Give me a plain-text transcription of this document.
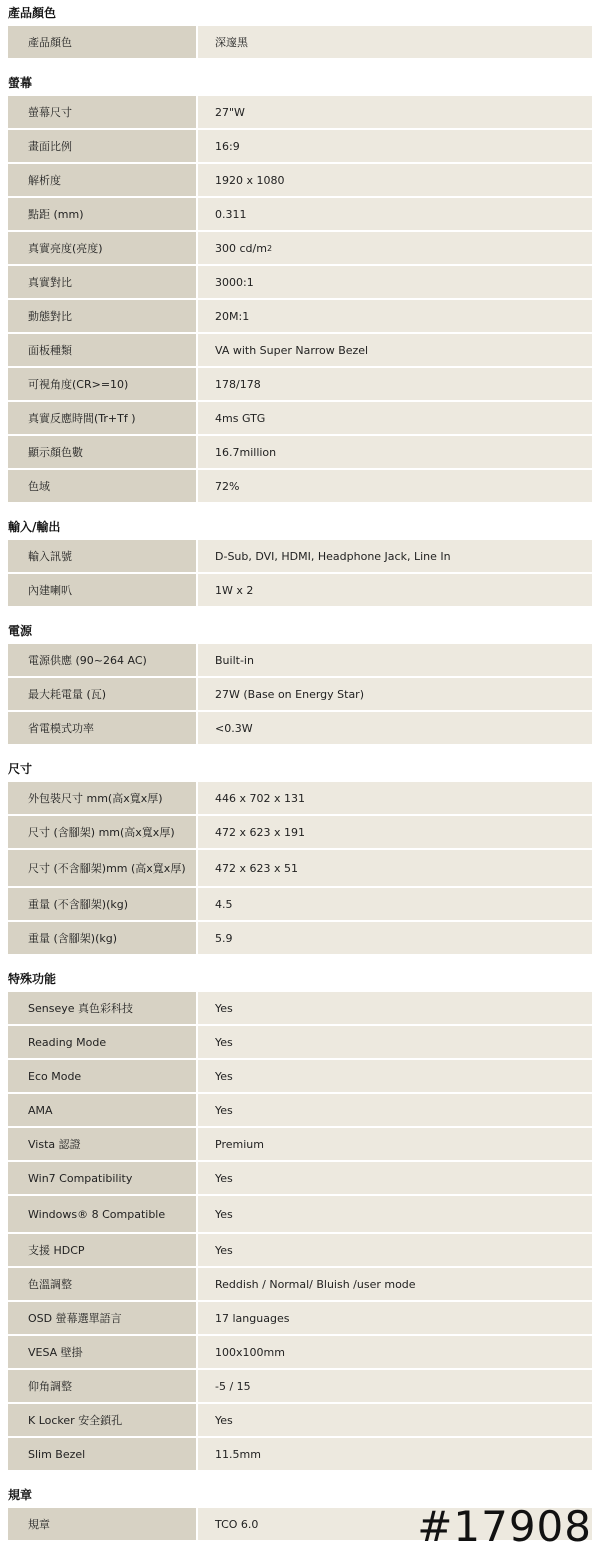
產品顏色
產品顏色	深邃黑
螢幕
螢幕尺寸	27"W
畫面比例	16:9
解析度	1920 x 1080
點距 (mm)	0.311
真實亮度(亮度)	300 cd/m 2
真實對比	3000:1
動態對比	20M:1
面板種類	VA with Super Narrow Bezel
可視角度(CR>=10)	178/178
真實反應時間(Tr+Tf )	4ms GTG
顯示顏色數	16.7million
色域	72%
輸入/輸出
輸入訊號	D-Sub, DVI, HDMI, Headphone Jack, Line In
內建喇叭	1W x 2
電源
電源供應 (90~264 AC)	Built-in
最大耗電量 (瓦)	27W (Base on Energy Star)
省電模式功率	<0.3W
尺寸
外包裝尺寸 mm(高x寬x厚)	446 x 702 x 131
尺寸 (含腳架) mm(高x寬x厚)	472 x 623 x 191
尺寸 (不含腳架)mm (高x寬x厚)	472 x 623 x 51
重量 (不含腳架)(kg)	4.5
重量 (含腳架)(kg)	5.9
特殊功能
Senseye 真色彩科技	Yes
Reading Mode	Yes
Eco Mode	Yes
AMA	Yes
Vista 認證	Premium
Win7 Compatibility	Yes
Windows® 8 Compatible	Yes
支援 HDCP	Yes
色溫調整	Reddish / Normal/ Bluish /user mode
OSD 螢幕選單語言	17 languages
VESA 壁掛	100x100mm
仰角調整	-5 / 15
K Locker 安全鎖孔	Yes
Slim Bezel	11.5mm
規章
規章	TCO 6.0	#17908
